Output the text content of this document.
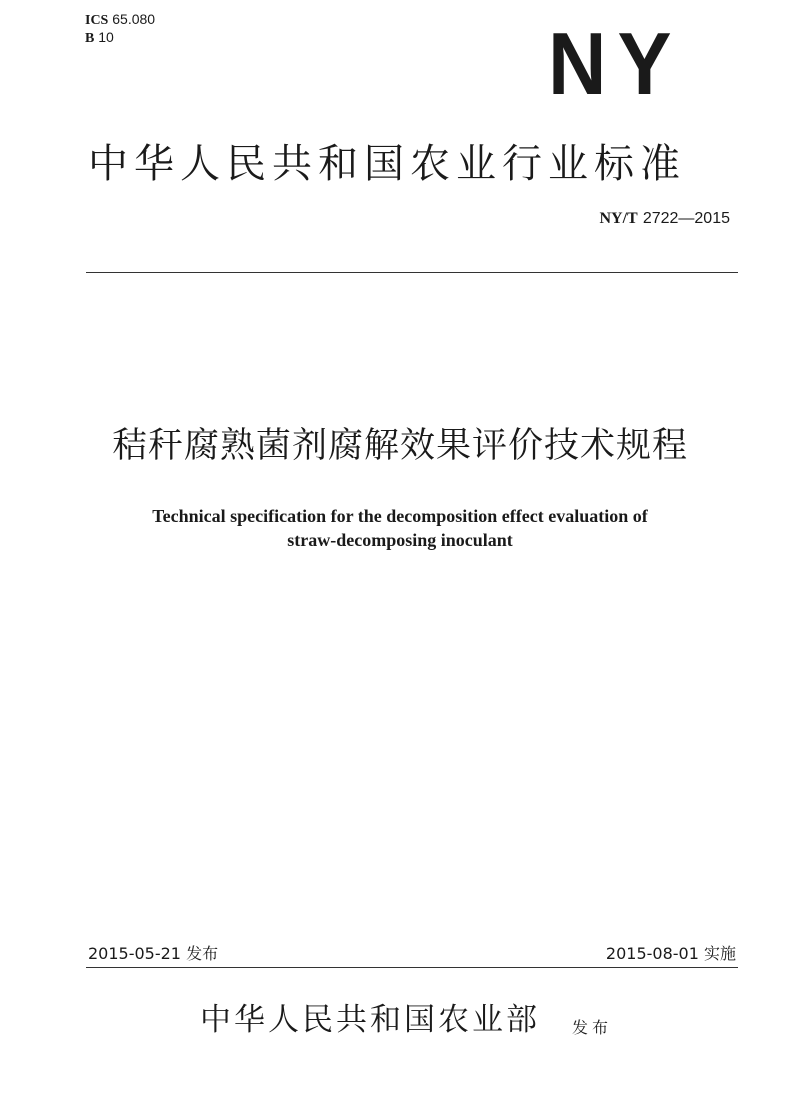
ICS 65.080
B 10	NY
中华人民共和国农业行业标准
NY/T 2722—2015
秸秆腐熟菌剂腐解效果评价技术规程
Technical specification for the decomposition effect evaluation of
straw-decomposing inoculant
2015-05-21 发布	2015-08-01 实施
中华人民共和国农业部 发布
